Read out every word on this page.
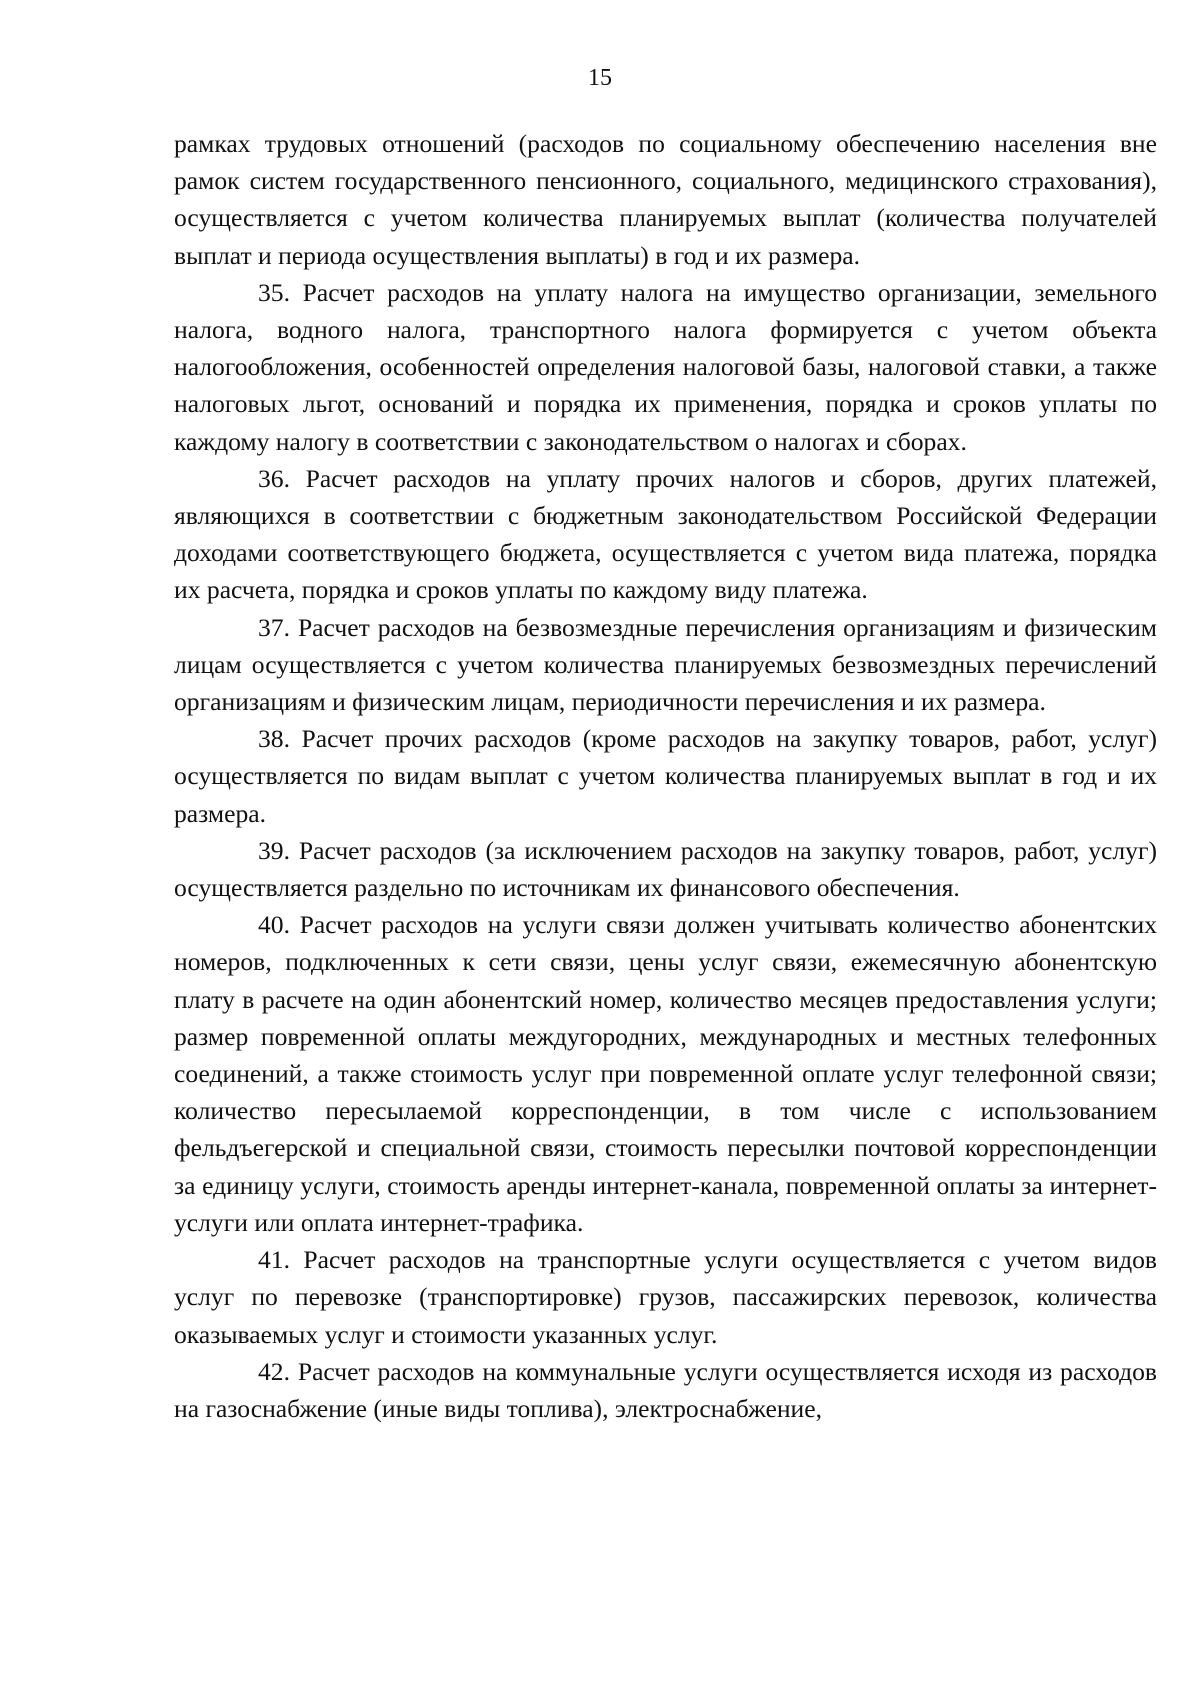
15

рамках трудовых отношений (расходов по социальному обеспечению населения вне рамок систем государственного пенсионного, социального, медицинского страхования), осуществляется с учетом количества планируемых выплат (количества получателей выплат и периода осуществления выплаты) в год и их размера.

35. Расчет расходов на уплату налога на имущество организации, земельного налога, водного налога, транспортного налога формируется с учетом объекта налогообложения, особенностей определения налоговой базы, налоговой ставки, а также налоговых льгот, оснований и порядка их применения, порядка и сроков уплаты по каждому налогу в соответствии с законодательством о налогах и сборах.

36. Расчет расходов на уплату прочих налогов и сборов, других платежей, являющихся в соответствии с бюджетным законодательством Российской Федерации доходами соответствующего бюджета, осуществляется с учетом вида платежа, порядка их расчета, порядка и сроков уплаты по каждому виду платежа.

37. Расчет расходов на безвозмездные перечисления организациям и физическим лицам осуществляется с учетом количества планируемых безвозмездных перечислений организациям и физическим лицам, периодичности перечисления и их размера.

38. Расчет прочих расходов (кроме расходов на закупку товаров, работ, услуг) осуществляется по видам выплат с учетом количества планируемых выплат в год и их размера.

39. Расчет расходов (за исключением расходов на закупку товаров, работ, услуг) осуществляется раздельно по источникам их финансового обеспечения.

40. Расчет расходов на услуги связи должен учитывать количество абонентских номеров, подключенных к сети связи, цены услуг связи, ежемесячную абонентскую плату в расчете на один абонентский номер, количество месяцев предоставления услуги; размер повременной оплаты междугородних, международных и местных телефонных соединений, а также стоимость услуг при повременной оплате услуг телефонной связи; количество пересылаемой корреспонденции, в том числе с использованием фельдъегерской и специальной связи, стоимость пересылки почтовой корреспонденции за единицу услуги, стоимость аренды интернет-канала, повременной оплаты за интернет-услуги или оплата интернет-трафика.

41. Расчет расходов на транспортные услуги осуществляется с учетом видов услуг по перевозке (транспортировке) грузов, пассажирских перевозок, количества оказываемых услуг и стоимости указанных услуг.

42. Расчет расходов на коммунальные услуги осуществляется исходя из расходов на газоснабжение (иные виды топлива), электроснабжение,
